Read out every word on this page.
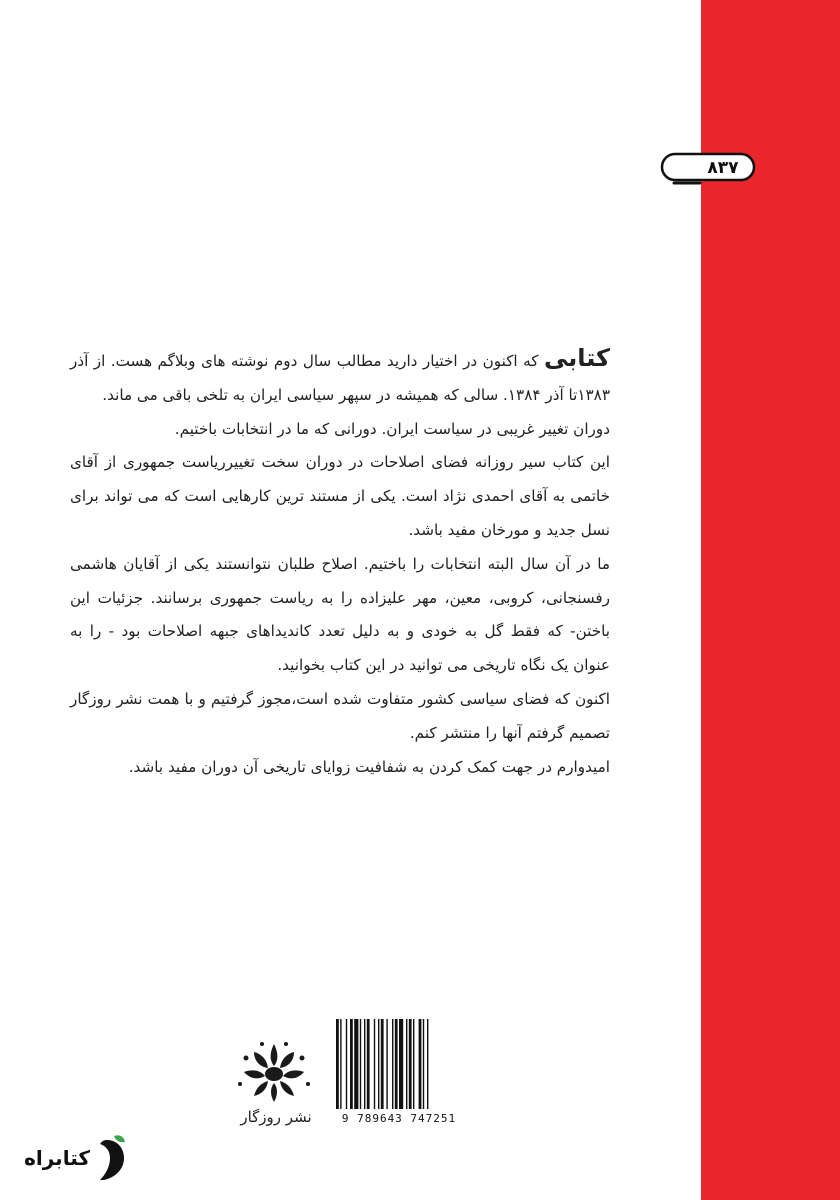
۸۳۷

کتابی که اکنون در اختیار دارید مطالب سال دوم نوشته های وبلاگم هست. از آذر ۱۳۸۳تا آذر ۱۳۸۴. سالی که همیشه در سپهر سیاسی ایران به تلخی باقی می ماند.

دوران تغییر غریبی در سیاست ایران. دورانی که ما در انتخابات باختیم.

این کتاب سیر روزانه فضای اصلاحات در دوران سخت تغییرریاست جمهوری از آقای خاتمی به آقای احمدی نژاد است. یکی از مستند ترین کارهایی است که می تواند برای نسل جدید و مورخان مفید باشد.

ما در آن سال البته انتخابات را باختیم. اصلاح طلبان نتوانستند یکی از آقایان هاشمی رفسنجانی، کروبی، معین، مهر علیزاده را به ریاست جمهوری برسانند. جزئیات این باختن- که فقط گل به خودی و به دلیل تعدد کاندیداهای جبهه اصلاحات بود - را به عنوان یک نگاه تاریخی می توانید در این کتاب بخوانید.

اکنون که فضای سیاسی کشور متفاوت شده است،مجوز گرفتیم و با همت نشر روزگار تصمیم گرفتم آنها را منتشر کنم.

امیدوارم در جهت کمک کردن به شفافیت زوایای تاریخی آن دوران مفید باشد.

نشر روزگار	9 789643 747251
کتابراه
